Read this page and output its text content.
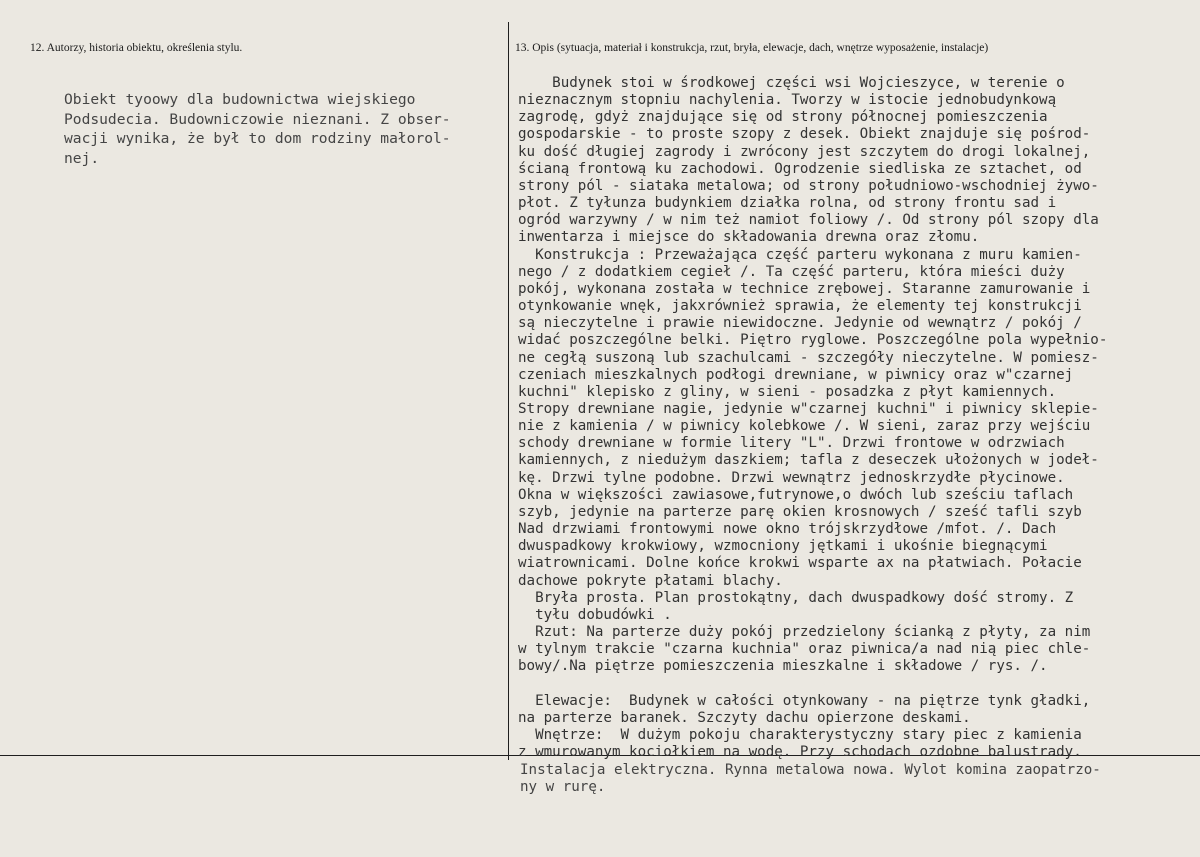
12. Autorzy, historia obiektu, określenia stylu.	13. Opis (sytuacja, materiał i konstrukcja, rzut, bryła, elewacje, dach, wnętrze wyposażenie, instalacje)
Obiekt tyoowy dla budownictwa wiejskiego
Podsudecia. Budowniczowie nieznani. Z obser-
wacji wynika, że był to dom rodziny małorol-
nej.
Budynek stoi w środkowej części wsi Wojcieszyce, w terenie o
nieznacznym stopniu nachylenia. Tworzy w istocie jednobudynkową
zagrodę, gdyż znajdujące się od strony północnej pomieszczenia
gospodarskie - to proste szopy z desek. Obiekt znajduje się pośrod-
ku dość długiej zagrody i zwrócony jest szczytem do drogi lokalnej,
ścianą frontową ku zachodowi. Ogrodzenie siedliska ze sztachet, od
strony pól - siataka metalowa; od strony południowo-wschodniej żywo-
płot. Z tyłunza budynkiem działka rolna, od strony frontu sad i
ogród warzywny / w nim też namiot foliowy /. Od strony pól szopy dla
inwentarza i miejsce do składowania drewna oraz złomu.
Konstrukcja : Przeważająca część parteru wykonana z muru kamien-
nego / z dodatkiem cegieł /. Ta część parteru, która mieści duży
pokój, wykonana została w technice zrębowej. Staranne zamurowanie i
otynkowanie wnęk, jakxrównież sprawia, że elementy tej konstrukcji
są nieczytelne i prawie niewidoczne. Jedynie od wewnątrz / pokój /
widać poszczególne belki. Piętro ryglowe. Poszczególne pola wypełnio-
ne cegłą suszoną lub szachulcami - szczegóły nieczytelne. W pomiesz-
czeniach mieszkalnych podłogi drewniane, w piwnicy oraz w"czarnej
kuchni" klepisko z gliny, w sieni - posadzka z płyt kamiennych.
Stropy drewniane nagie, jedynie w"czarnej kuchni" i piwnicy sklepie-
nie z kamienia / w piwnicy kolebkowe /. W sieni, zaraz przy wejściu
schody drewniane w formie litery "L". Drzwi frontowe w odrzwiach
kamiennych, z niedużym daszkiem; tafla z deseczek ułożonych w jodeł-
kę. Drzwi tylne podobne. Drzwi wewnątrz jednoskrzydłe płycinowe.
Okna w większości zawiasowe,futrynowe,o dwóch lub sześciu taflach
szyb, jedynie na parterze parę okien krosnowych / sześć tafli szyb
Nad drzwiami frontowymi nowe okno trójskrzydłowe /mfot. /. Dach
dwuspadkowy krokwiowy, wzmocniony jętkami i ukośnie biegnącymi
wiatrownicami. Dolne końce krokwi wsparte ax na płatwiach. Połacie
dachowe pokryte płatami blachy.
Bryła prosta. Plan prostokątny, dach dwuspadkowy dość stromy. Z
tyłu dobudówki .
Rzut: Na parterze duży pokój przedzielony ścianką z płyty, za nim
w tylnym trakcie "czarna kuchnia" oraz piwnica/a nad nią piec chle-
bowy/.Na piętrze pomieszczenia mieszkalne i składowe / rys. /.

Elewacje:  Budynek w całości otynkowany - na piętrze tynk gładki,
na parterze baranek. Szczyty dachu opierzone deskami.
Wnętrze:  W dużym pokoju charakterystyczny stary piec z kamienia
z wmurowanym kociołkiem na wodę. Przy schodach ozdobne balustrady.
Instalacja elektryczna. Rynna metalowa nowa. Wylot komina zaopatrzo-
ny w rurę.
